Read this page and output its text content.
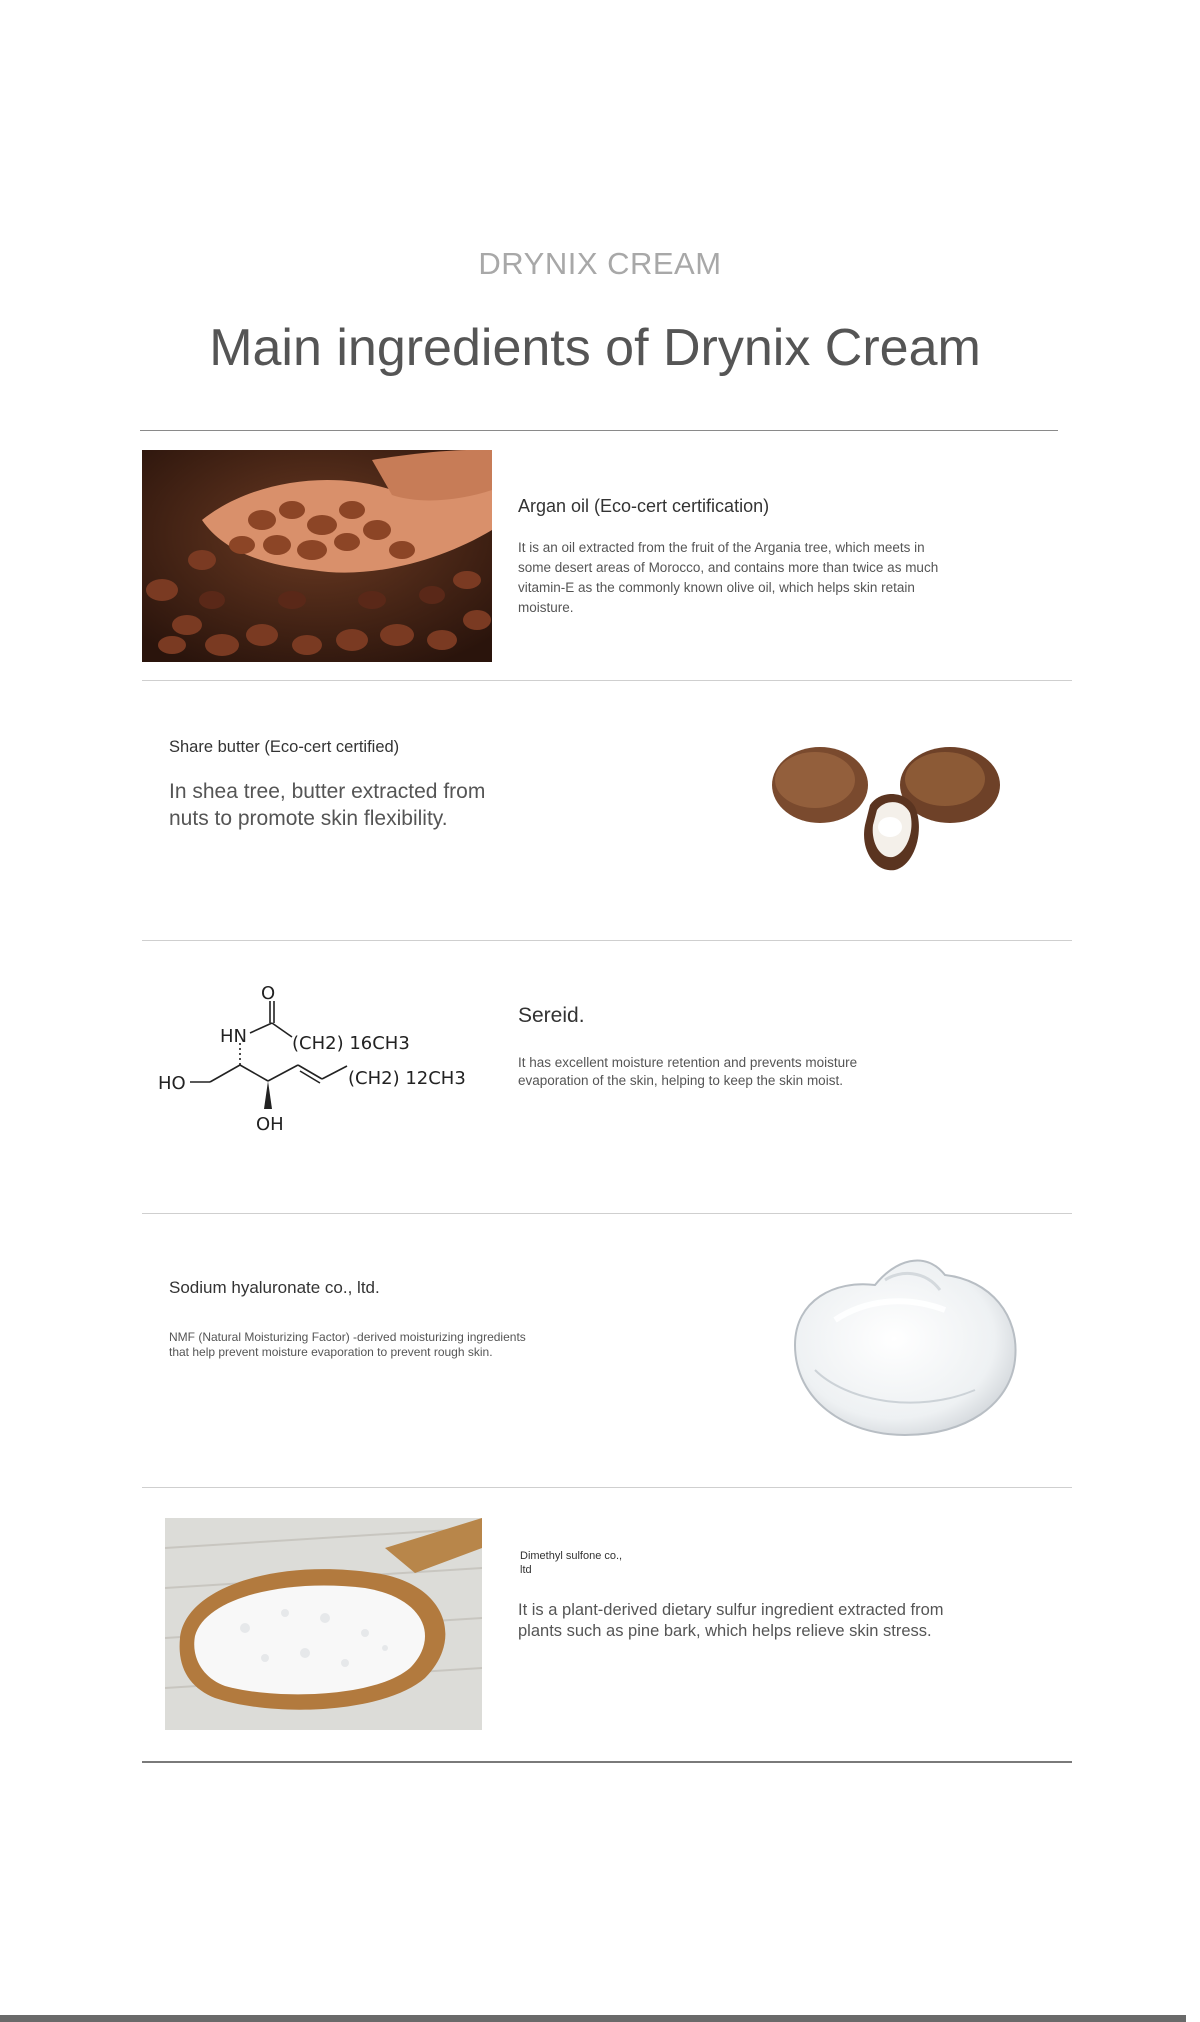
DRYNIX CREAM
Main ingredients of Drynix Cream
Argan oil (Eco-cert certification)
It is an oil extracted from the fruit of the Argania tree, which meets in some desert areas of Morocco, and contains more than twice as much vitamin-E as the commonly known olive oil, which helps skin retain moisture.
Share butter (Eco-cert certified)
In shea tree, butter extracted from nuts to promote skin flexibility.
O
HN	(CH2) 16CH3
HO	(CH2) 12CH3
OH
Sereid.
It has excellent moisture retention and prevents moisture evaporation of the skin, helping to keep the skin moist.
Sodium hyaluronate co., ltd.
NMF (Natural Moisturizing Factor) -derived moisturizing ingredients that help prevent moisture evaporation to prevent rough skin.
Dimethyl sulfone co.,
ltd
It is a plant-derived dietary sulfur ingredient extracted from plants such as pine bark, which helps relieve skin stress.
